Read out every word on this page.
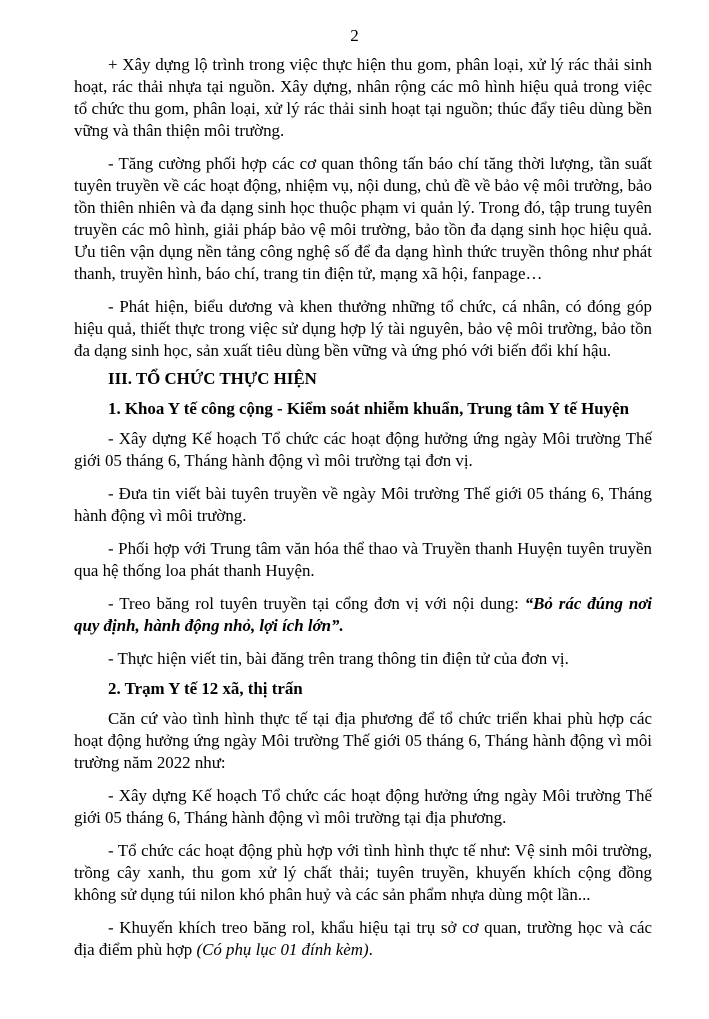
2

+ Xây dựng lộ trình trong việc thực hiện thu gom, phân loại, xử lý rác thải sinh hoạt, rác thải nhựa tại nguồn. Xây dựng, nhân rộng các mô hình hiệu quả trong việc tổ chức thu gom, phân loại, xử lý rác thải sinh hoạt tại nguồn; thúc đẩy tiêu dùng bền vững và thân thiện môi trường.

- Tăng cường phối hợp các cơ quan thông tấn báo chí tăng thời lượng, tần suất tuyên truyền về các hoạt động, nhiệm vụ, nội dung, chủ đề về bảo vệ môi trường, bảo tồn thiên nhiên và đa dạng sinh học thuộc phạm vi quản lý. Trong đó, tập trung tuyên truyền các mô hình, giải pháp bảo vệ môi trường, bảo tồn đa dạng sinh học hiệu quả. Ưu tiên vận dụng nền tảng công nghệ số để đa dạng hình thức truyền thông như phát thanh, truyền hình, báo chí, trang tin điện tử, mạng xã hội, fanpage…

- Phát hiện, biểu dương và khen thưởng những tổ chức, cá nhân, có đóng góp hiệu quả, thiết thực trong việc sử dụng hợp lý tài nguyên, bảo vệ môi trường, bảo tồn đa dạng sinh học, sản xuất tiêu dùng bền vững và ứng phó với biến đổi khí hậu.

III. TỔ CHỨC THỰC HIỆN

1. Khoa Y tế công cộng - Kiểm soát nhiễm khuẩn, Trung tâm Y tế Huyện

- Xây dựng Kế hoạch Tổ chức các hoạt động hưởng ứng ngày Môi trường Thế giới 05 tháng 6, Tháng hành động vì môi trường tại đơn vị.

- Đưa tin viết bài tuyên truyền về ngày Môi trường Thế giới 05 tháng 6, Tháng hành động vì môi trường.

- Phối hợp với Trung tâm văn hóa thể thao và Truyền thanh Huyện tuyên truyền qua hệ thống loa phát thanh Huyện.

- Treo băng rol tuyên truyền tại cổng đơn vị với nội dung: “Bỏ rác đúng nơi quy định, hành động nhỏ, lợi ích lớn”.

- Thực hiện viết tin, bài đăng trên trang thông tin điện tử của đơn vị.

2. Trạm Y tế 12 xã, thị trấn

Căn cứ vào tình hình thực tế tại địa phương để tổ chức triển khai phù hợp các hoạt động hưởng ứng ngày Môi trường Thế giới 05 tháng 6, Tháng hành động vì môi trường năm 2022 như:

- Xây dựng Kế hoạch Tổ chức các hoạt động hưởng ứng ngày Môi trường Thế giới 05 tháng 6, Tháng hành động vì môi trường tại địa phương.

- Tổ chức các hoạt động phù hợp với tình hình thực tế như: Vệ sinh môi trường, trồng cây xanh, thu gom xử lý chất thải; tuyên truyền, khuyến khích cộng đồng không sử dụng túi nilon khó phân huỷ và các sản phẩm nhựa dùng một lần...

- Khuyến khích treo băng rol, khẩu hiệu tại trụ sở cơ quan, trường học và các địa điểm phù hợp (Có phụ lục 01 đính kèm).
